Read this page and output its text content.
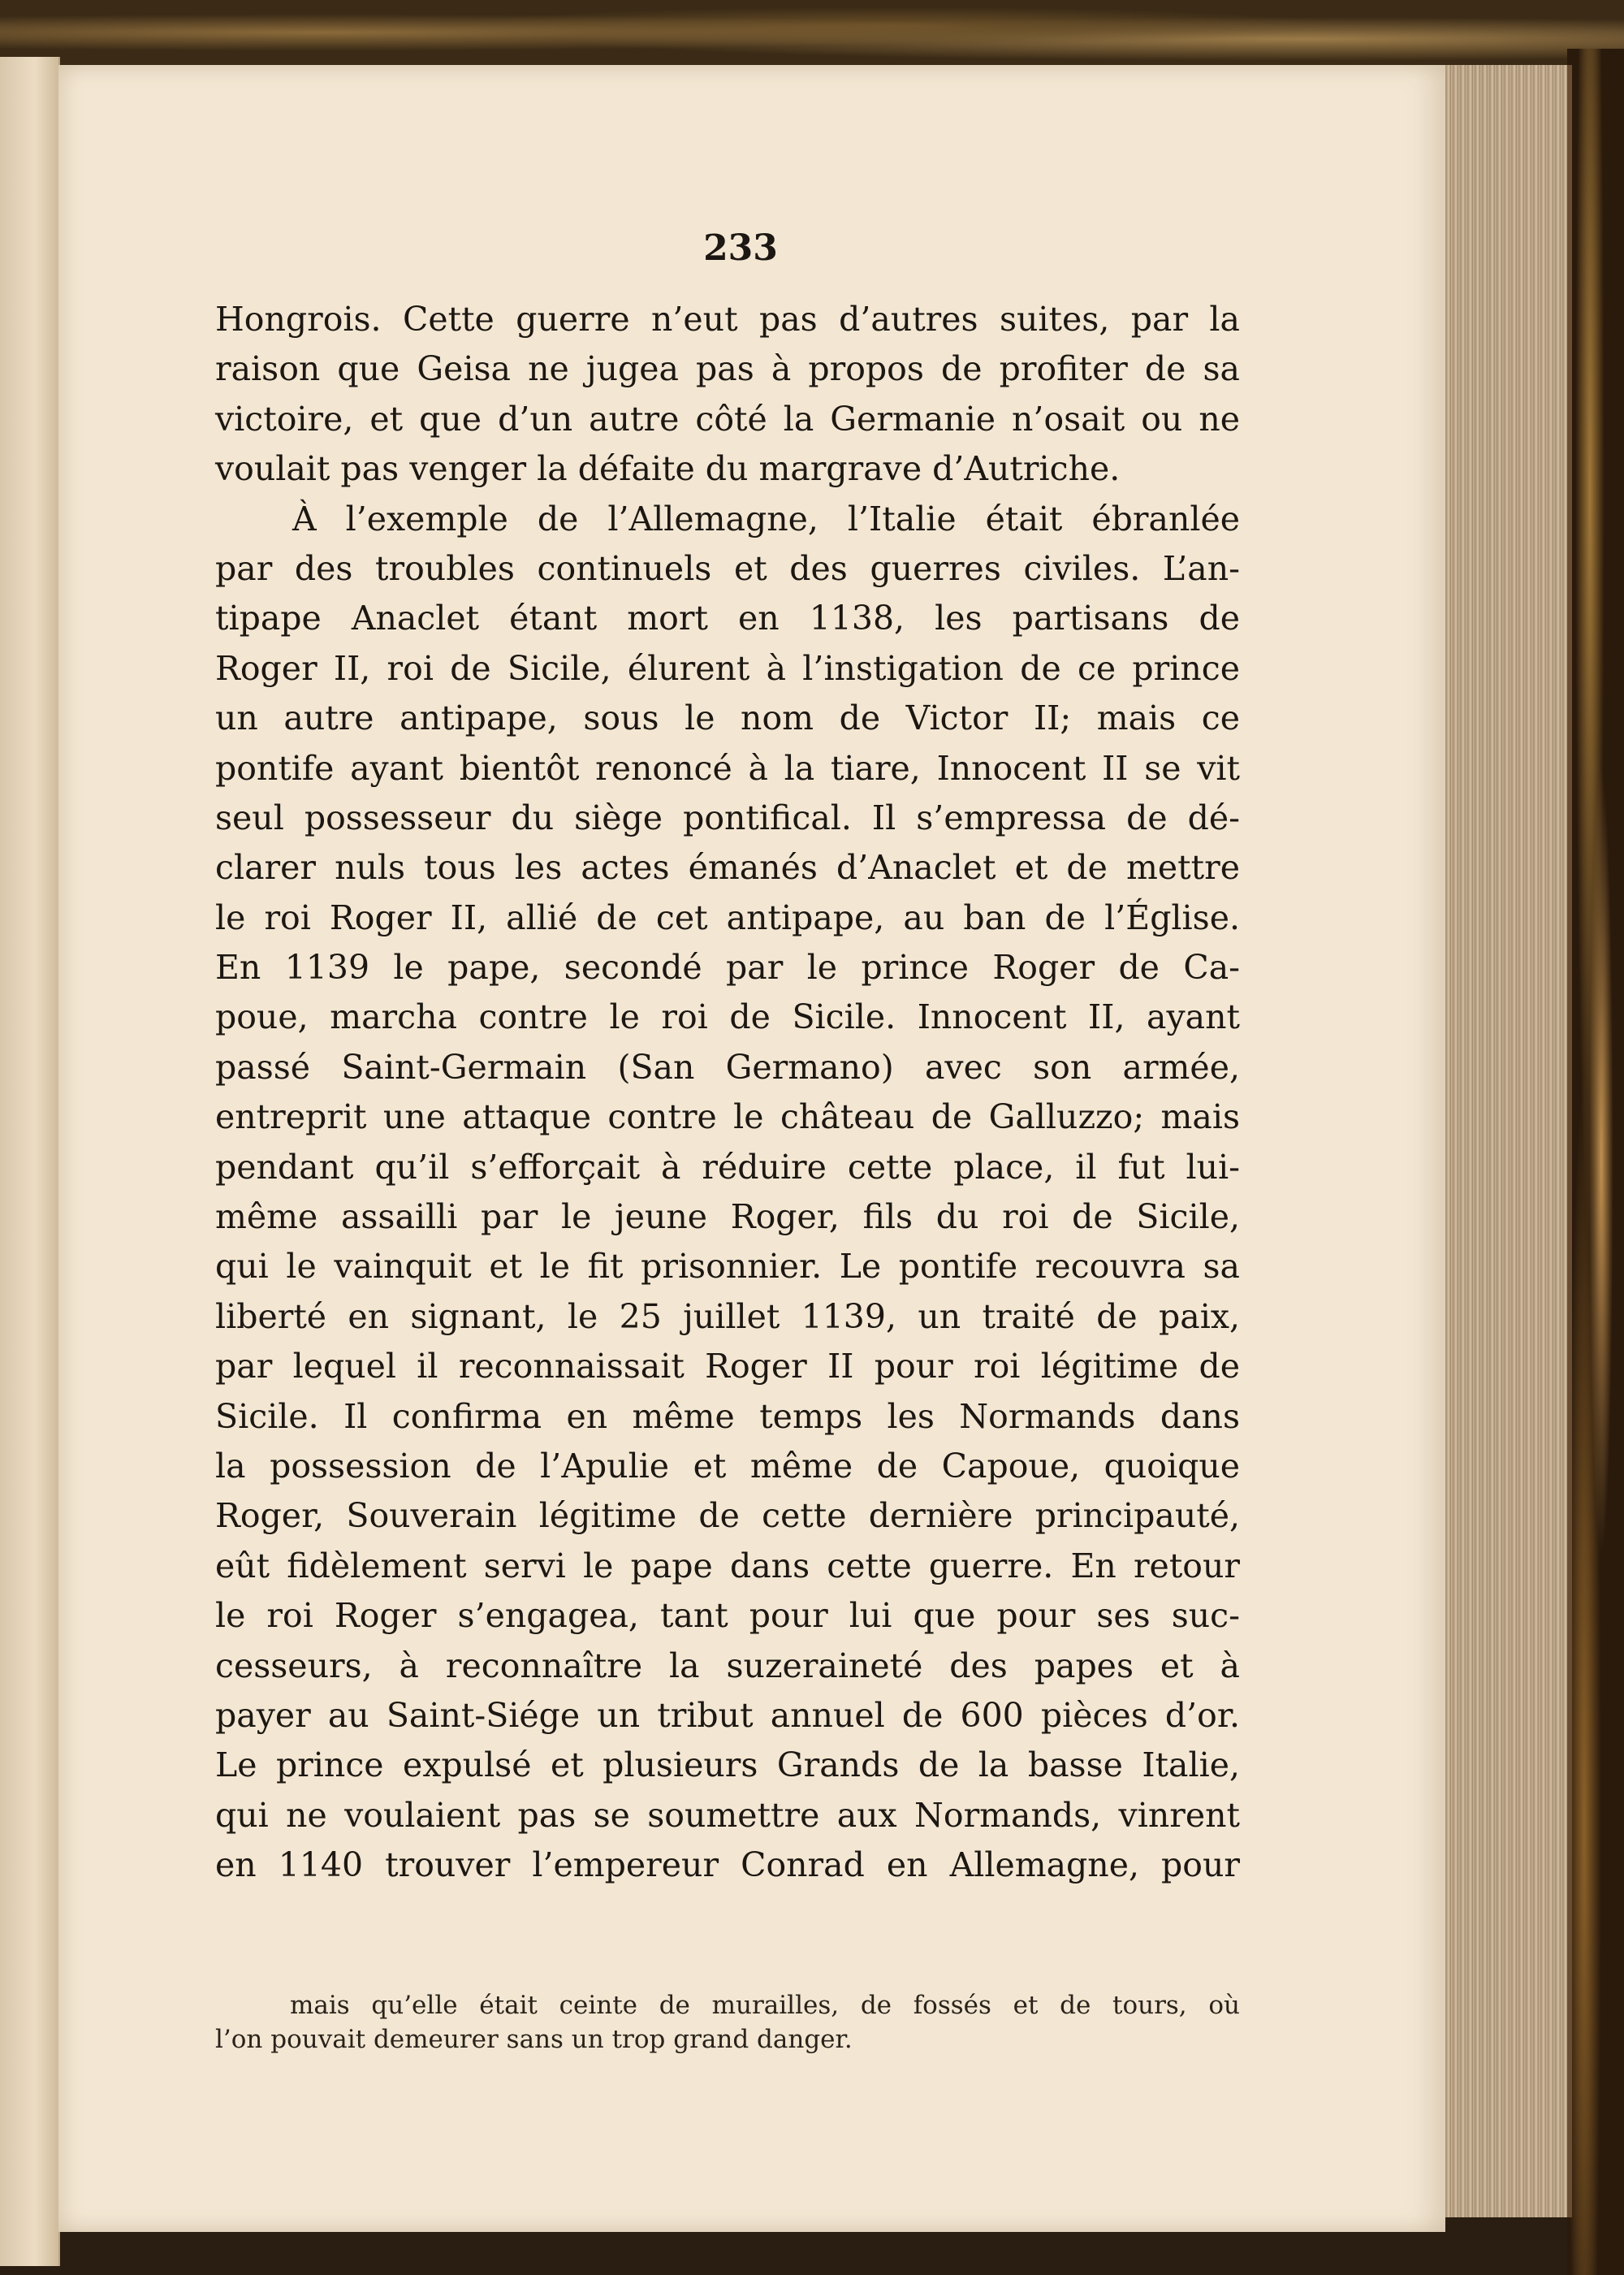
233
Hongrois. Cette guerre n’eut pas d’autres suites, par la
raison que Geisa ne jugea pas à propos de profiter de sa
victoire, et que d’un autre côté la Germanie n’osait ou ne
voulait pas venger la défaite du margrave d’Autriche.
À l’exemple de l’Allemagne, l’Italie était ébranlée
par des troubles continuels et des guerres civiles. L’an-
tipape Anaclet étant mort en 1138, les partisans de
Roger II, roi de Sicile, élurent à l’instigation de ce prince
un autre antipape, sous le nom de Victor II; mais ce
pontife ayant bientôt renoncé à la tiare, Innocent II se vit
seul possesseur du siège pontifical. Il s’empressa de dé-
clarer nuls tous les actes émanés d’Anaclet et de mettre
le roi Roger II, allié de cet antipape, au ban de l’Église.
En 1139 le pape, secondé par le prince Roger de Ca-
poue, marcha contre le roi de Sicile. Innocent II, ayant
passé Saint-Germain (San Germano) avec son armée,
entreprit une attaque contre le château de Galluzzo; mais
pendant qu’il s’efforçait à réduire cette place, il fut lui-
même assailli par le jeune Roger, fils du roi de Sicile,
qui le vainquit et le fit prisonnier. Le pontife recouvra sa
liberté en signant, le 25 juillet 1139, un traité de paix,
par lequel il reconnaissait Roger II pour roi légitime de
Sicile. Il confirma en même temps les Normands dans
la possession de l’Apulie et même de Capoue, quoique
Roger, Souverain légitime de cette dernière principauté,
eût fidèlement servi le pape dans cette guerre. En retour
le roi Roger s’engagea, tant pour lui que pour ses suc-
cesseurs, à reconnaître la suzeraineté des papes et à
payer au Saint-Siége un tribut annuel de 600 pièces d’or.
Le prince expulsé et plusieurs Grands de la basse Italie,
qui ne voulaient pas se soumettre aux Normands, vinrent
en 1140 trouver l’empereur Conrad en Allemagne, pour
mais qu’elle était ceinte de murailles, de fossés et de tours, où
l’on pouvait demeurer sans un trop grand danger.
